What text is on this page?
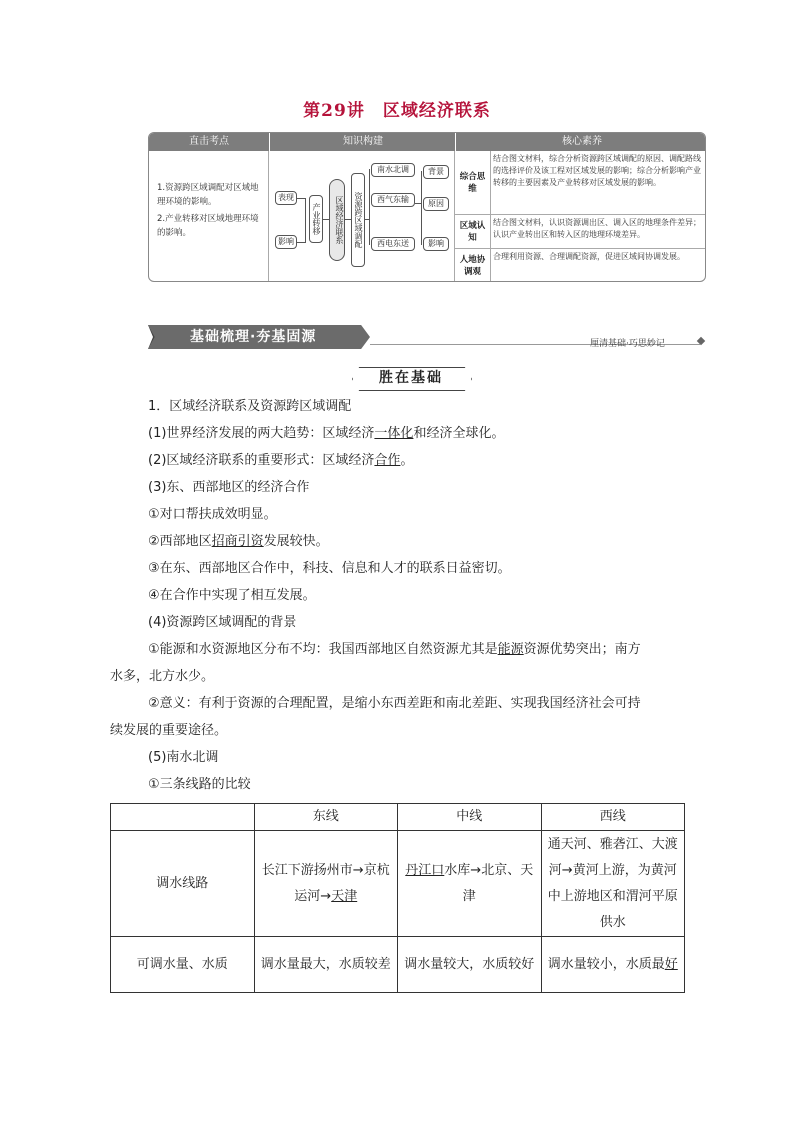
第29讲　区域经济联系
直击考点	知识构建	核心素养
1.资源跨区域调配对区域地理环境的影响。
2.产业转移对区域地理环境的影响。
表现
影响
产业转移	区域经济联系	资源跨区域调配
南水北调
西气东输
西电东送
背景
原因
影响
综合思维
结合图文材料，综合分析资源跨区域调配的原因、调配路线的选择评价及该工程对区域发展的影响；综合分析影响产业转移的主要因素及产业转移对区域发展的影响。
区域认知
结合图文材料，认识资源调出区、调入区的地理条件差异；认识产业转出区和转入区的地理环境差异。
人地协调观
合理利用资源、合理调配资源，促进区域间协调发展。
基础梳理·夯基固源	厘清基础·巧思妙记
胜在基础
1．区域经济联系及资源跨区域调配
(1)世界经济发展的两大趋势：区域经济一体化和经济全球化。
(2)区域经济联系的重要形式：区域经济合作。
(3)东、西部地区的经济合作
①对口帮扶成效明显。
②西部地区招商引资发展较快。
③在东、西部地区合作中，科技、信息和人才的联系日益密切。
④在合作中实现了相互发展。
(4)资源跨区域调配的背景
①能源和水资源地区分布不均：我国西部地区自然资源尤其是能源资源优势突出；南方
水多，北方水少。
②意义：有利于资源的合理配置，是缩小东西差距和南北差距、实现我国经济社会可持
续发展的重要途径。
(5)南水北调
①三条线路的比较
	东线	中线	西线
调水线路	长江下游扬州市→京杭运河→天津	丹江口水库→北京、天津	通天河、雅砻江、大渡河→黄河上游，为黄河中上游地区和渭河平原供水
可调水量、水质	调水量最大，水质较差	调水量较大，水质较好	调水量较小，水质最好
